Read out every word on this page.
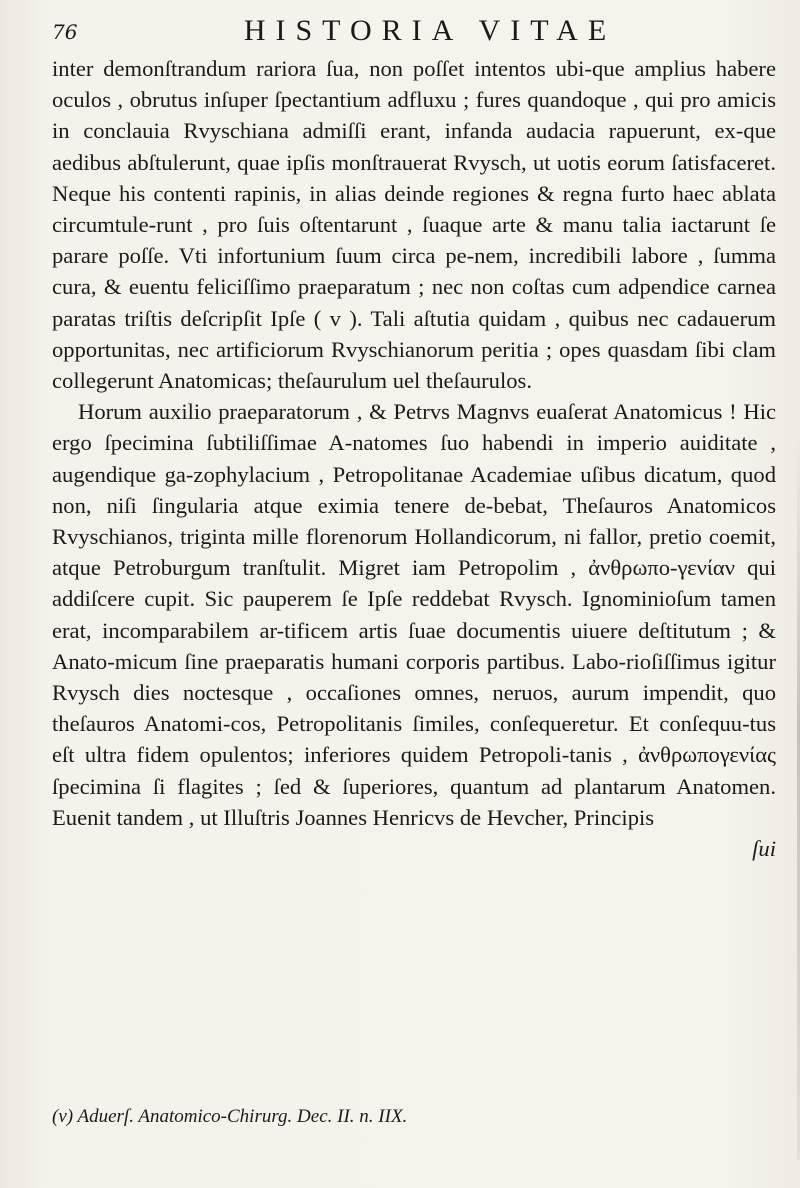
76	HISTORIA VITAE

inter demonſtrandum rariora ſua, non poſſet intentos ubi-que amplius habere oculos , obrutus inſuper ſpectantium adfluxu ; fures quandoque , qui pro amicis in conclauia Rvyschiana admiſſi erant, infanda audacia rapuerunt, ex-que aedibus abſtulerunt, quae ipſis monſtrauerat Rvysch, ut uotis eorum ſatisfaceret. Neque his contenti rapinis, in alias deinde regiones & regna furto haec ablata circumtule-runt , pro ſuis oſtentarunt , ſuaque arte & manu talia iactarunt ſe parare poſſe. Vti infortunium ſuum circa pe-nem, incredibili labore , ſumma cura, & euentu feliciſſimo praeparatum ; nec non coſtas cum adpendice carnea paratas triſtis deſcripſit Ipſe ( v ). Tali aſtutia quidam , quibus nec cadauerum opportunitas, nec artificiorum Rvyschianorum peritia ; opes quasdam ſibi clam collegerunt Anatomicas; theſaurulum uel theſaurulos.

Horum auxilio praeparatorum , & Petrvs Magnvs euaſerat Anatomicus ! Hic ergo ſpecimina ſubtiliſſimae A-natomes ſuo habendi in imperio auiditate , augendique ga-zophylacium , Petropolitanae Academiae uſibus dicatum, quod non, niſi ſingularia atque eximia tenere de-bebat, Theſauros Anatomicos Rvyschianos, triginta mille florenorum Hollandicorum, ni fallor, pretio coemit, atque Petroburgum tranſtulit. Migret iam Petropolim , ἀνθρωπο-γενίαν qui addiſcere cupit. Sic pauperem ſe Ipſe reddebat Rvysch. Ignominioſum tamen erat, incomparabilem ar-tificem artis ſuae documentis uiuere deſtitutum ; & Anato-micum ſine praeparatis humani corporis partibus. Labo-rioſiſſimus igitur Rvysch dies noctesque , occaſiones omnes, neruos, aurum impendit, quo theſauros Anatomi-cos, Petropolitanis ſimiles, conſequeretur. Et conſequu-tus eſt ultra fidem opulentos; inferiores quidem Petropoli-tanis , ἀνθρωπογενίας ſpecimina ſi flagites ; ſed & ſuperiores, quantum ad plantarum Anatomen. Euenit tandem , ut Illuſtris Joannes Henricvs de Hevcher, Principis

ſui
(v) Aduerſ. Anatomico-Chirurg. Dec. II. n. IIX.
